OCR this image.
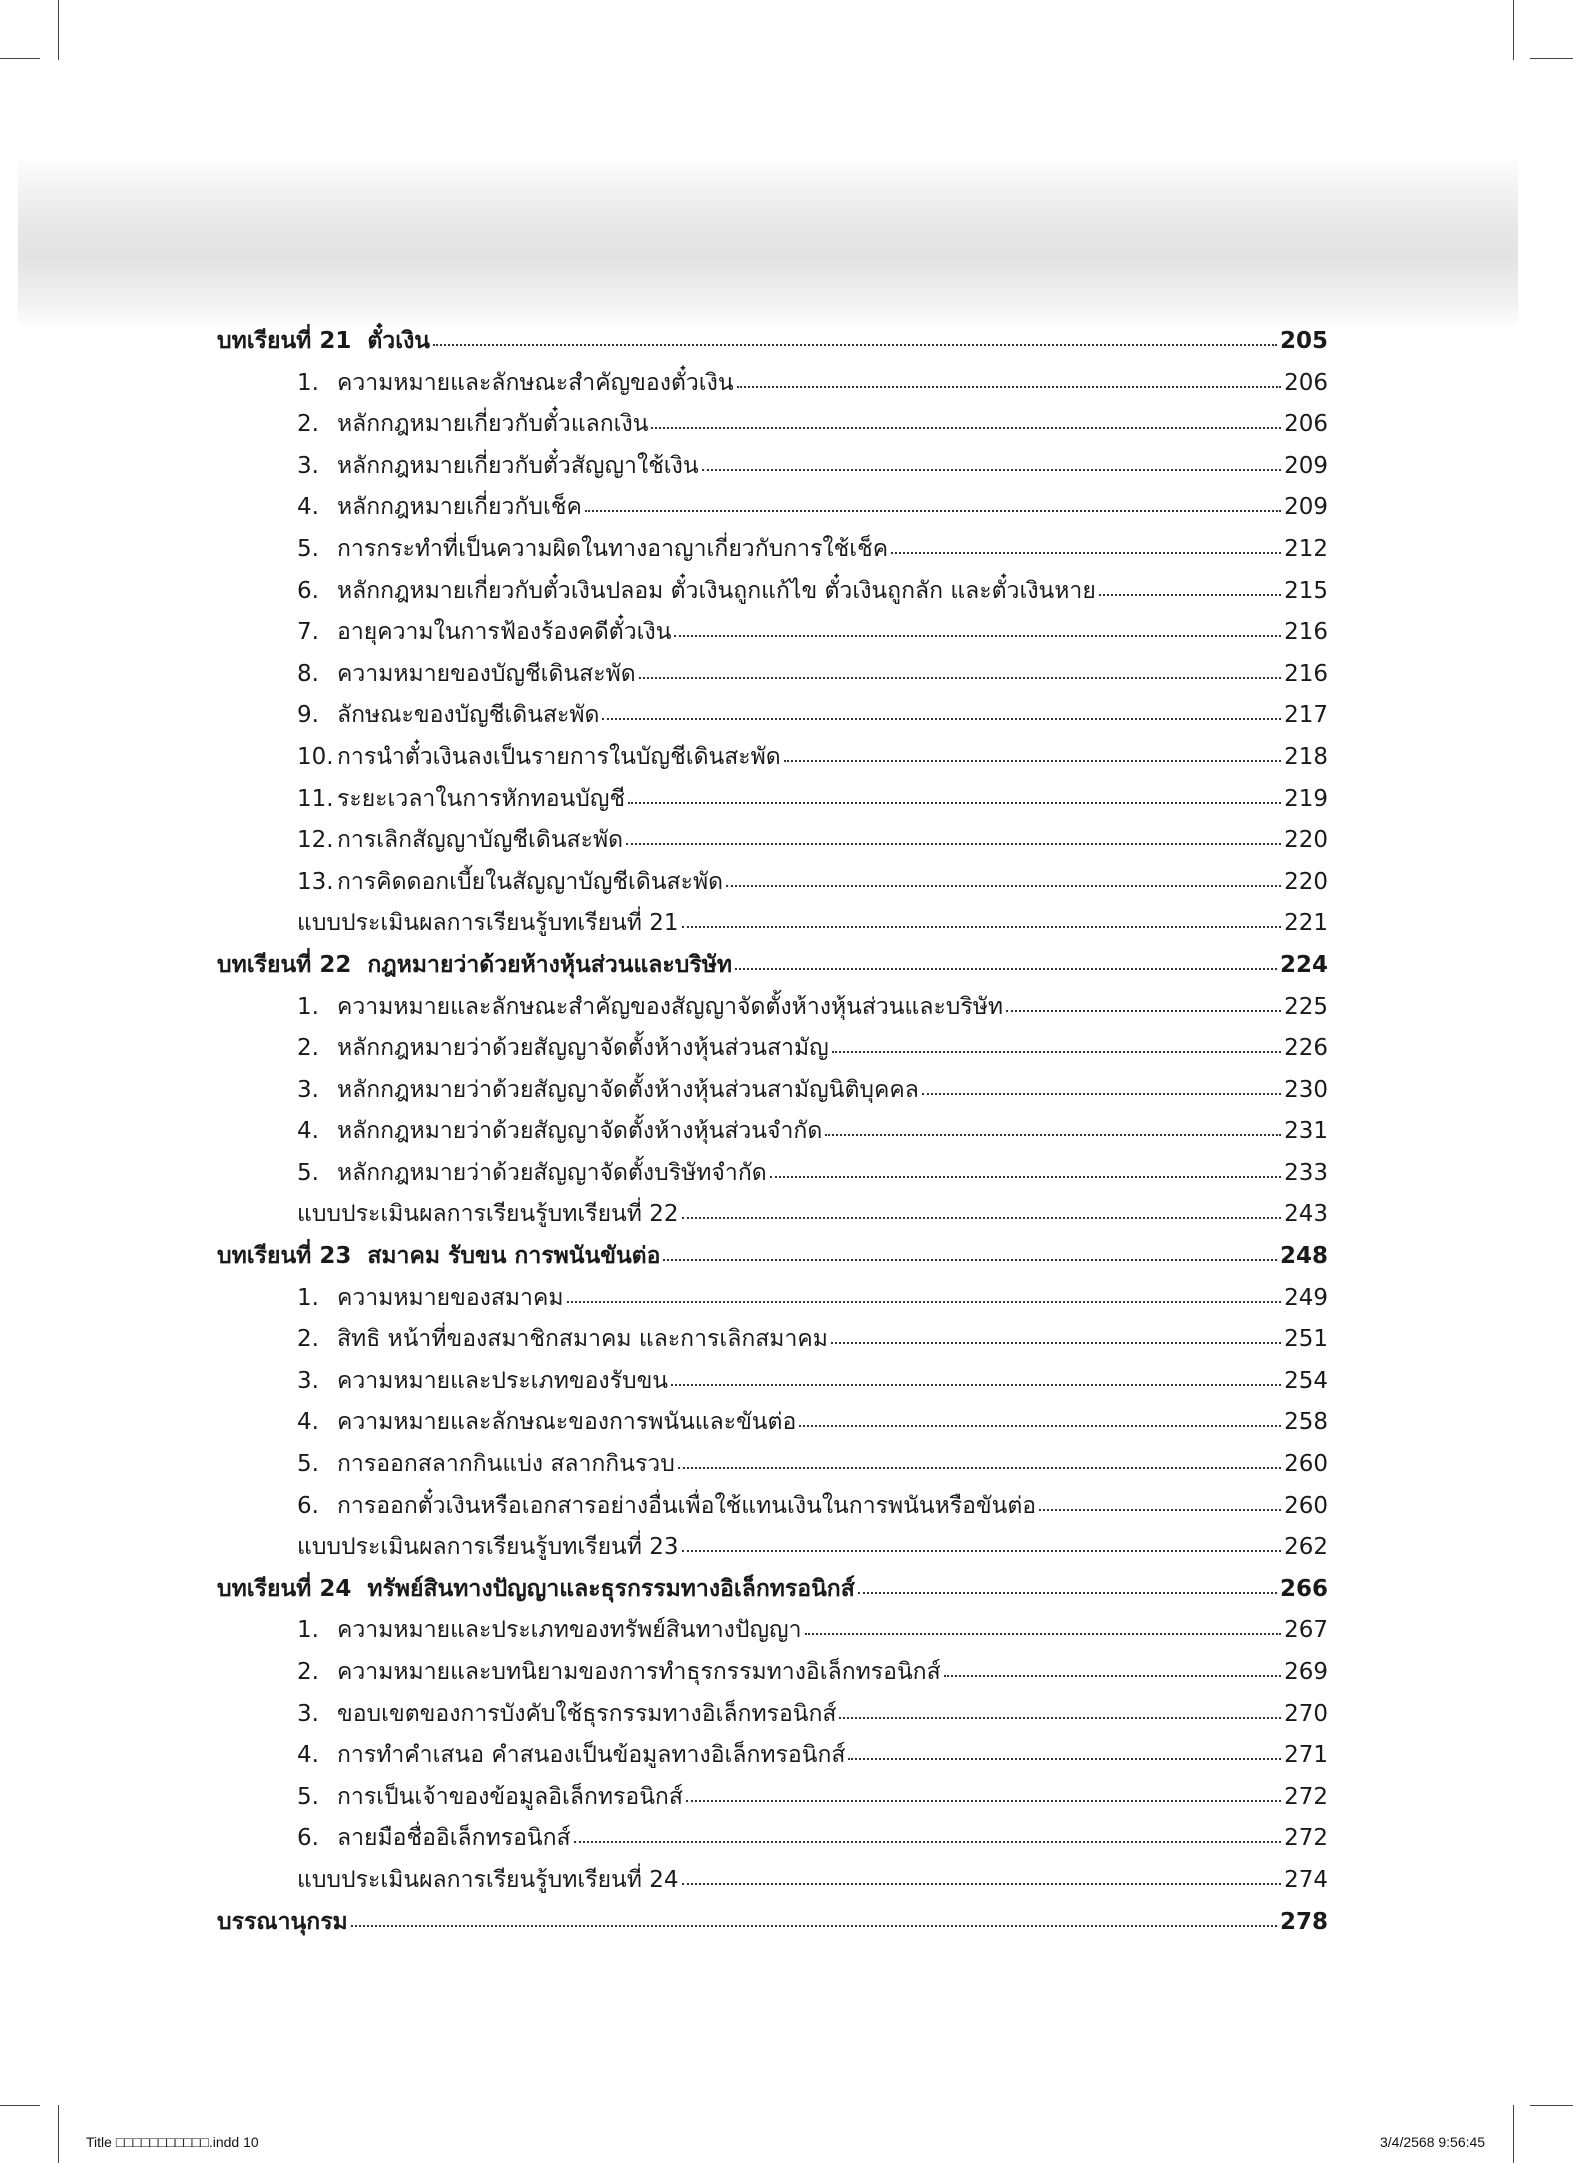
บทเรียนที่ 21 ตั๋วเงิน	205
1. ความหมายและลักษณะสำคัญของตั๋วเงิน	206
2. หลักกฎหมายเกี่ยวกับตั๋วแลกเงิน	206
3. หลักกฎหมายเกี่ยวกับตั๋วสัญญาใช้เงิน	209
4. หลักกฎหมายเกี่ยวกับเช็ค	209
5. การกระทำที่เป็นความผิดในทางอาญาเกี่ยวกับการใช้เช็ค	212
6. หลักกฎหมายเกี่ยวกับตั๋วเงินปลอม ตั๋วเงินถูกแก้ไข ตั๋วเงินถูกลัก และตั๋วเงินหาย	215
7. อายุความในการฟ้องร้องคดีตั๋วเงิน	216
8. ความหมายของบัญชีเดินสะพัด	216
9. ลักษณะของบัญชีเดินสะพัด	217
10. การนำตั๋วเงินลงเป็นรายการในบัญชีเดินสะพัด	218
11. ระยะเวลาในการหักทอนบัญชี	219
12. การเลิกสัญญาบัญชีเดินสะพัด	220
13. การคิดดอกเบี้ยในสัญญาบัญชีเดินสะพัด	220
แบบประเมินผลการเรียนรู้บทเรียนที่ 21	221
บทเรียนที่ 22 กฎหมายว่าด้วยห้างหุ้นส่วนและบริษัท	224
1. ความหมายและลักษณะสำคัญของสัญญาจัดตั้งห้างหุ้นส่วนและบริษัท	225
2. หลักกฎหมายว่าด้วยสัญญาจัดตั้งห้างหุ้นส่วนสามัญ	226
3. หลักกฎหมายว่าด้วยสัญญาจัดตั้งห้างหุ้นส่วนสามัญนิติบุคคล	230
4. หลักกฎหมายว่าด้วยสัญญาจัดตั้งห้างหุ้นส่วนจำกัด	231
5. หลักกฎหมายว่าด้วยสัญญาจัดตั้งบริษัทจำกัด	233
แบบประเมินผลการเรียนรู้บทเรียนที่ 22	243
บทเรียนที่ 23 สมาคม รับขน การพนันขันต่อ	248
1. ความหมายของสมาคม	249
2. สิทธิ หน้าที่ของสมาชิกสมาคม และการเลิกสมาคม	251
3. ความหมายและประเภทของรับขน	254
4. ความหมายและลักษณะของการพนันและขันต่อ	258
5. การออกสลากกินแบ่ง สลากกินรวบ	260
6. การออกตั๋วเงินหรือเอกสารอย่างอื่นเพื่อใช้แทนเงินในการพนันหรือขันต่อ	260
แบบประเมินผลการเรียนรู้บทเรียนที่ 23	262
บทเรียนที่ 24 ทรัพย์สินทางปัญญาและธุรกรรมทางอิเล็กทรอนิกส์	266
1. ความหมายและประเภทของทรัพย์สินทางปัญญา	267
2. ความหมายและบทนิยามของการทำธุรกรรมทางอิเล็กทรอนิกส์	269
3. ขอบเขตของการบังคับใช้ธุรกรรมทางอิเล็กทรอนิกส์	270
4. การทำคำเสนอ คำสนองเป็นข้อมูลทางอิเล็กทรอนิกส์	271
5. การเป็นเจ้าของข้อมูลอิเล็กทรอนิกส์	272
6. ลายมือชื่ออิเล็กทรอนิกส์	272
แบบประเมินผลการเรียนรู้บทเรียนที่ 24	274
บรรณานุกรม	278
Title □□□□□□□□□□□.indd 10	3/4/2568 9:56:45
